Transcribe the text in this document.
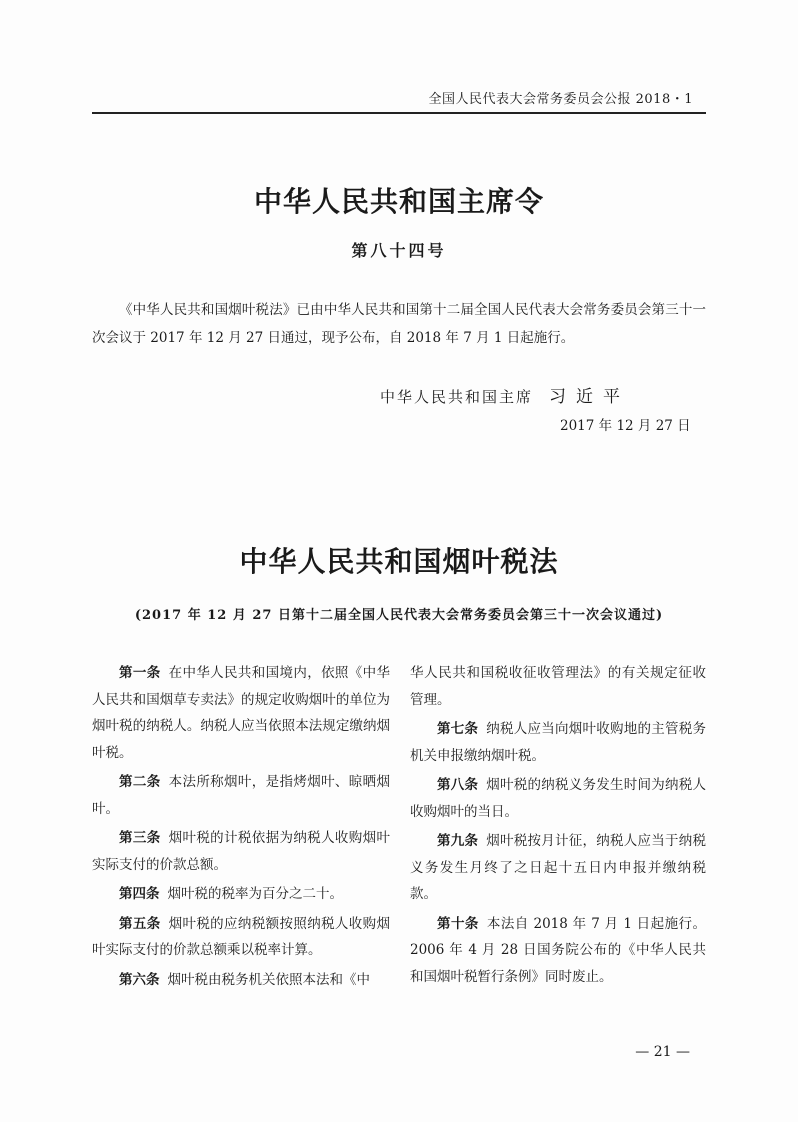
全国人民代表大会常务委员会公报 2018・1
中华人民共和国主席令
第八十四号
《中华人民共和国烟叶税法》已由中华人民共和国第十二届全国人民代表大会常务委员会第三十一次会议于 2017 年 12 月 27 日通过，现予公布，自 2018 年 7 月 1 日起施行。
中华人民共和国主席 习近平
2017 年 12 月 27 日
中华人民共和国烟叶税法
(2017 年 12 月 27 日第十二届全国人民代表大会常务委员会第三十一次会议通过)

第一条 在中华人民共和国境内，依照《中华人民共和国烟草专卖法》的规定收购烟叶的单位为烟叶税的纳税人。纳税人应当依照本法规定缴纳烟叶税。

第二条 本法所称烟叶，是指烤烟叶、晾晒烟叶。

第三条 烟叶税的计税依据为纳税人收购烟叶实际支付的价款总额。

第四条 烟叶税的税率为百分之二十。

第五条 烟叶税的应纳税额按照纳税人收购烟叶实际支付的价款总额乘以税率计算。

第六条 烟叶税由税务机关依照本法和《中

华人民共和国税收征收管理法》的有关规定征收管理。

第七条 纳税人应当向烟叶收购地的主管税务机关申报缴纳烟叶税。

第八条 烟叶税的纳税义务发生时间为纳税人收购烟叶的当日。

第九条 烟叶税按月计征，纳税人应当于纳税义务发生月终了之日起十五日内申报并缴纳税款。

第十条 本法自 2018 年 7 月 1 日起施行。2006 年 4 月 28 日国务院公布的《中华人民共和国烟叶税暂行条例》同时废止。

— 21 —
